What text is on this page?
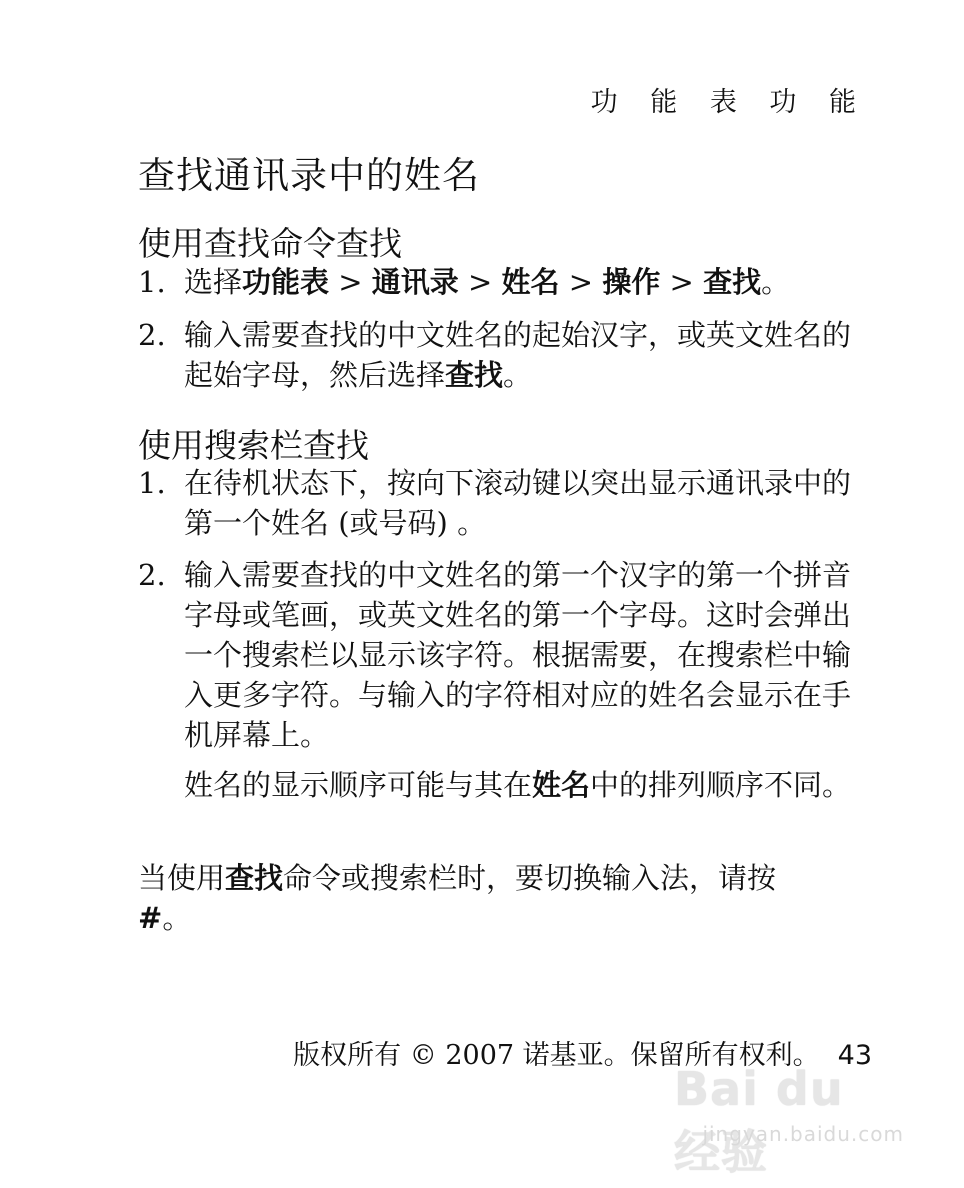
功 能 表 功 能
查找通讯录中的姓名
使用查找命令查找
1. 选择功能表 > 通讯录 > 姓名 > 操作 > 查找。
2. 输入需要查找的中文姓名的起始汉字，或英文姓名的起始字母，然后选择查找。
使用搜索栏查找
1. 在待机状态下，按向下滚动键以突出显示通讯录中的第一个姓名 (或号码) 。
2. 输入需要查找的中文姓名的第一个汉字的第一个拼音字母或笔画，或英文姓名的第一个字母。这时会弹出一个搜索栏以显示该字符。根据需要，在搜索栏中输入更多字符。与输入的字符相对应的姓名会显示在手机屏幕上。
姓名的显示顺序可能与其在姓名中的排列顺序不同。
当使用查找命令或搜索栏时，要切换输入法，请按 #。
版权所有 © 2007 诺基亚。保留所有权利。 43
Bai du 经验
jingyan.baidu.com
